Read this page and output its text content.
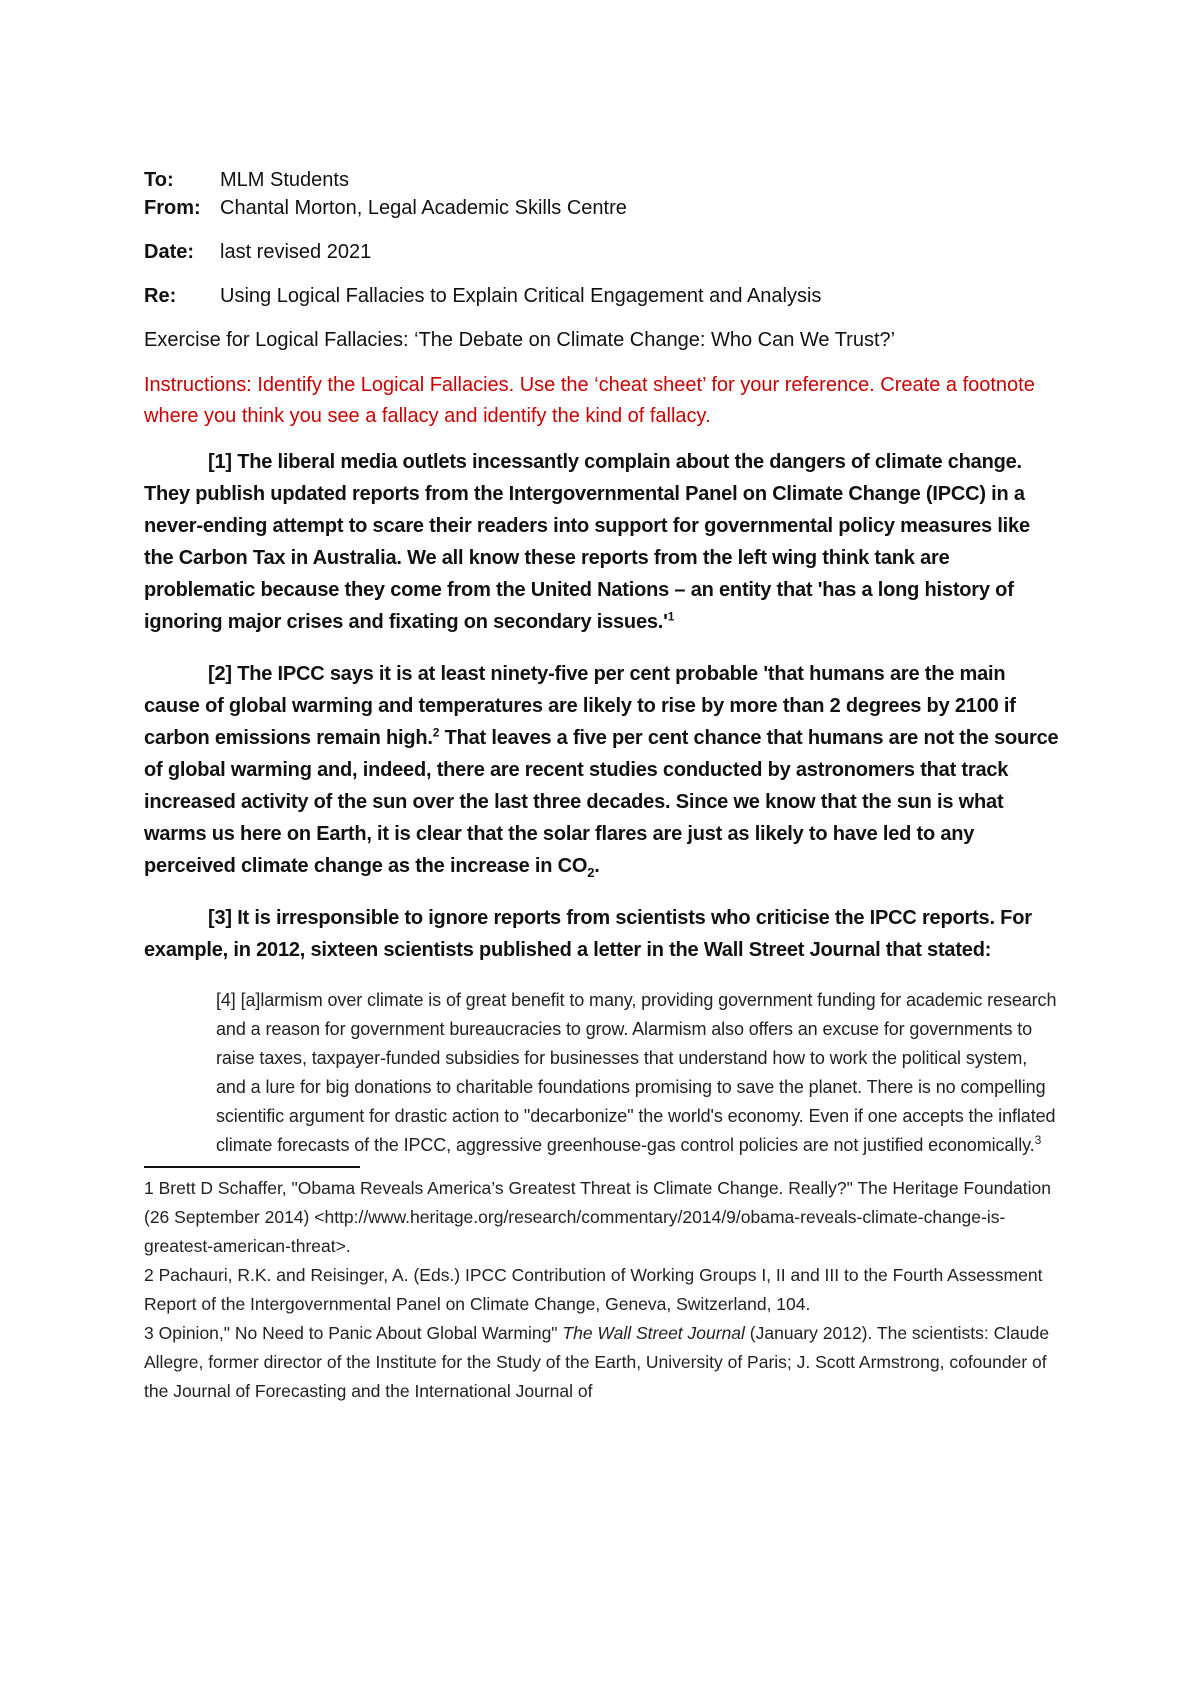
To:	MLM Students
From: Chantal Morton, Legal Academic Skills Centre
Date:	last revised 2021
Re:	Using Logical Fallacies to Explain Critical Engagement and Analysis
Exercise for Logical Fallacies: ‘The Debate on Climate Change: Who Can We Trust?’
Instructions: Identify the Logical Fallacies. Use the ‘cheat sheet’ for your reference. Create a footnote where you think you see a fallacy and identify the kind of fallacy.

[1] The liberal media outlets incessantly complain about the dangers of climate change. They publish updated reports from the Intergovernmental Panel on Climate Change (IPCC) in a never-ending attempt to scare their readers into support for governmental policy measures like the Carbon Tax in Australia. We all know these reports from the left wing think tank are problematic because they come from the United Nations – an entity that 'has a long history of ignoring major crises and fixating on secondary $issues.'^1$

[2] The IPCC says it is at least ninety-five per cent probable 'that humans are the main cause of global warming and temperatures are likely to rise by more than 2 degrees by 2100 if carbon emissions remain high.$^2$ That leaves a five per cent chance that humans are not the source of global warming and, indeed, there are recent studies conducted by astronomers that track increased activity of the sun over the last three decades. Since we know that the sun is what warms us here on Earth, it is clear that the solar flares are just as likely to have led to any perceived climate change as the increase in $CO_2$.

[3] It is irresponsible to ignore reports from scientists who criticise the IPCC reports. For example, in 2012, sixteen scientists published a letter in the Wall Street Journal that stated:

[4] [a]larmism over climate is of great benefit to many, providing government funding for academic research and a reason for government bureaucracies to grow. Alarmism also offers an excuse for governments to raise taxes, taxpayer-funded subsidies for businesses that understand how to work the political system, and a lure for big donations to charitable foundations promising to save the planet. There is no compelling scientific argument for drastic action to "decarbonize" the world's economy. Even if one accepts the inflated climate forecasts of the IPCC, aggressive greenhouse-gas control policies are not justified economically.$^3$

1 Brett D Schaffer, "Obama Reveals America’s Greatest Threat is Climate Change. Really?" The Heritage Foundation (26 September 2014) <http://www.heritage.org/research/commentary/2014/9/obama-reveals-climate-change-is-greatest-american-threat>.

2 Pachauri, R.K. and Reisinger, A. (Eds.) IPCC Contribution of Working Groups I, II and III to the Fourth Assessment Report of the Intergovernmental Panel on Climate Change, Geneva, Switzerland, 104.

3 Opinion," No Need to Panic About Global Warming" The Wall Street Journal (January 2012). The scientists: Claude Allegre, former director of the Institute for the Study of the Earth, University of Paris; J. Scott Armstrong, cofounder of the Journal of Forecasting and the International Journal of
